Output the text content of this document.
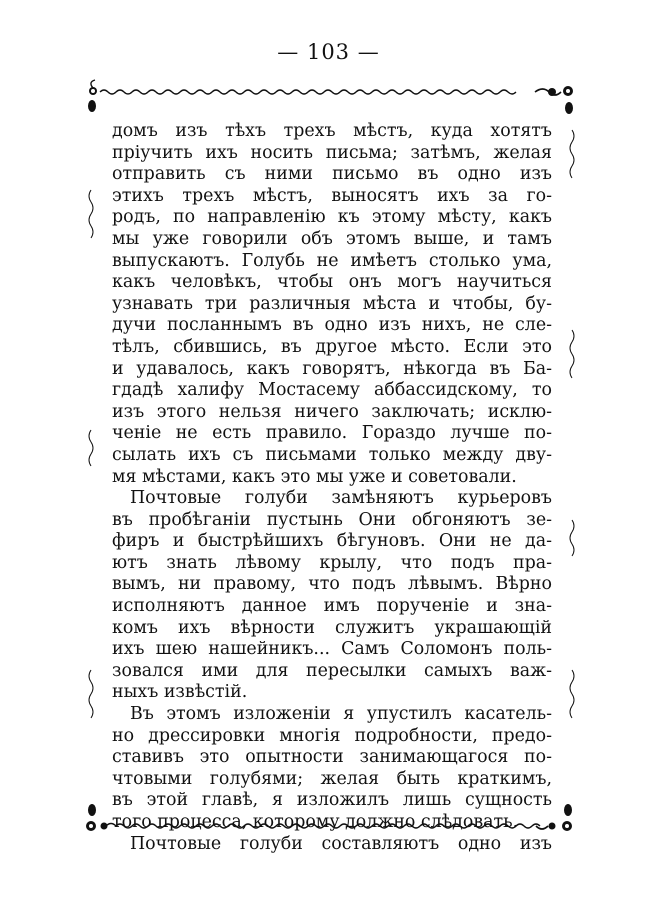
— 103 —
домъ изъ тѣхъ трехъ мѣстъ, куда хотятъ
пріучить ихъ носить письма; затѣмъ, желая
отправить съ ними письмо въ одно изъ
этихъ трехъ мѣстъ, выносятъ ихъ за го-
родъ, по направленію къ этому мѣсту, какъ
мы уже говорили объ этомъ выше, и тамъ
выпускаютъ. Голубь не имѣетъ столько ума,
какъ человѣкъ, чтобы онъ могъ научиться
узнавать три различныя мѣста и чтобы, бу-
дучи посланнымъ въ одно изъ нихъ, не слe-
тѣлъ, сбившись, въ другое мѣсто. Если это
и удавалось, какъ говорятъ, нѣкогда въ Ба-
гдадѣ халифу Мостасему аббассидскому, то
изъ этого нельзя ничего заключать; исклю-
ченіе не есть правило. Гораздо лучше по-
сылать ихъ съ письмами только между дву-
мя мѣстами, какъ это мы уже и советовали.
Почтовые голуби замѣняютъ курьеровъ
въ пробѣганіи пустынь Они обгоняютъ зе-
фиръ и быстрѣйшихъ бѣгуновъ. Они не да-
ютъ знать лѣвому крылу, что подъ пра-
вымъ, ни правому, что подъ лѣвымъ. Вѣрно
исполняютъ данное имъ порученіе и зна-
комъ ихъ вѣрности служитъ украшающій
ихъ шею нашейникъ... Самъ Соломонъ поль-
зовался ими для пересылки самыхъ важ-
ныхъ извѣстій.
Въ этомъ изложеніи я упустилъ касатель-
но дрессировки многія подробности, предо-
ставивъ это опытности занимающагося по-
чтовыми голубями; желая быть краткимъ,
въ этой главѣ, я изложилъ лишь сущность
того процесса, которому должно слѣдовать.
Почтовые голуби составляютъ одно изъ
